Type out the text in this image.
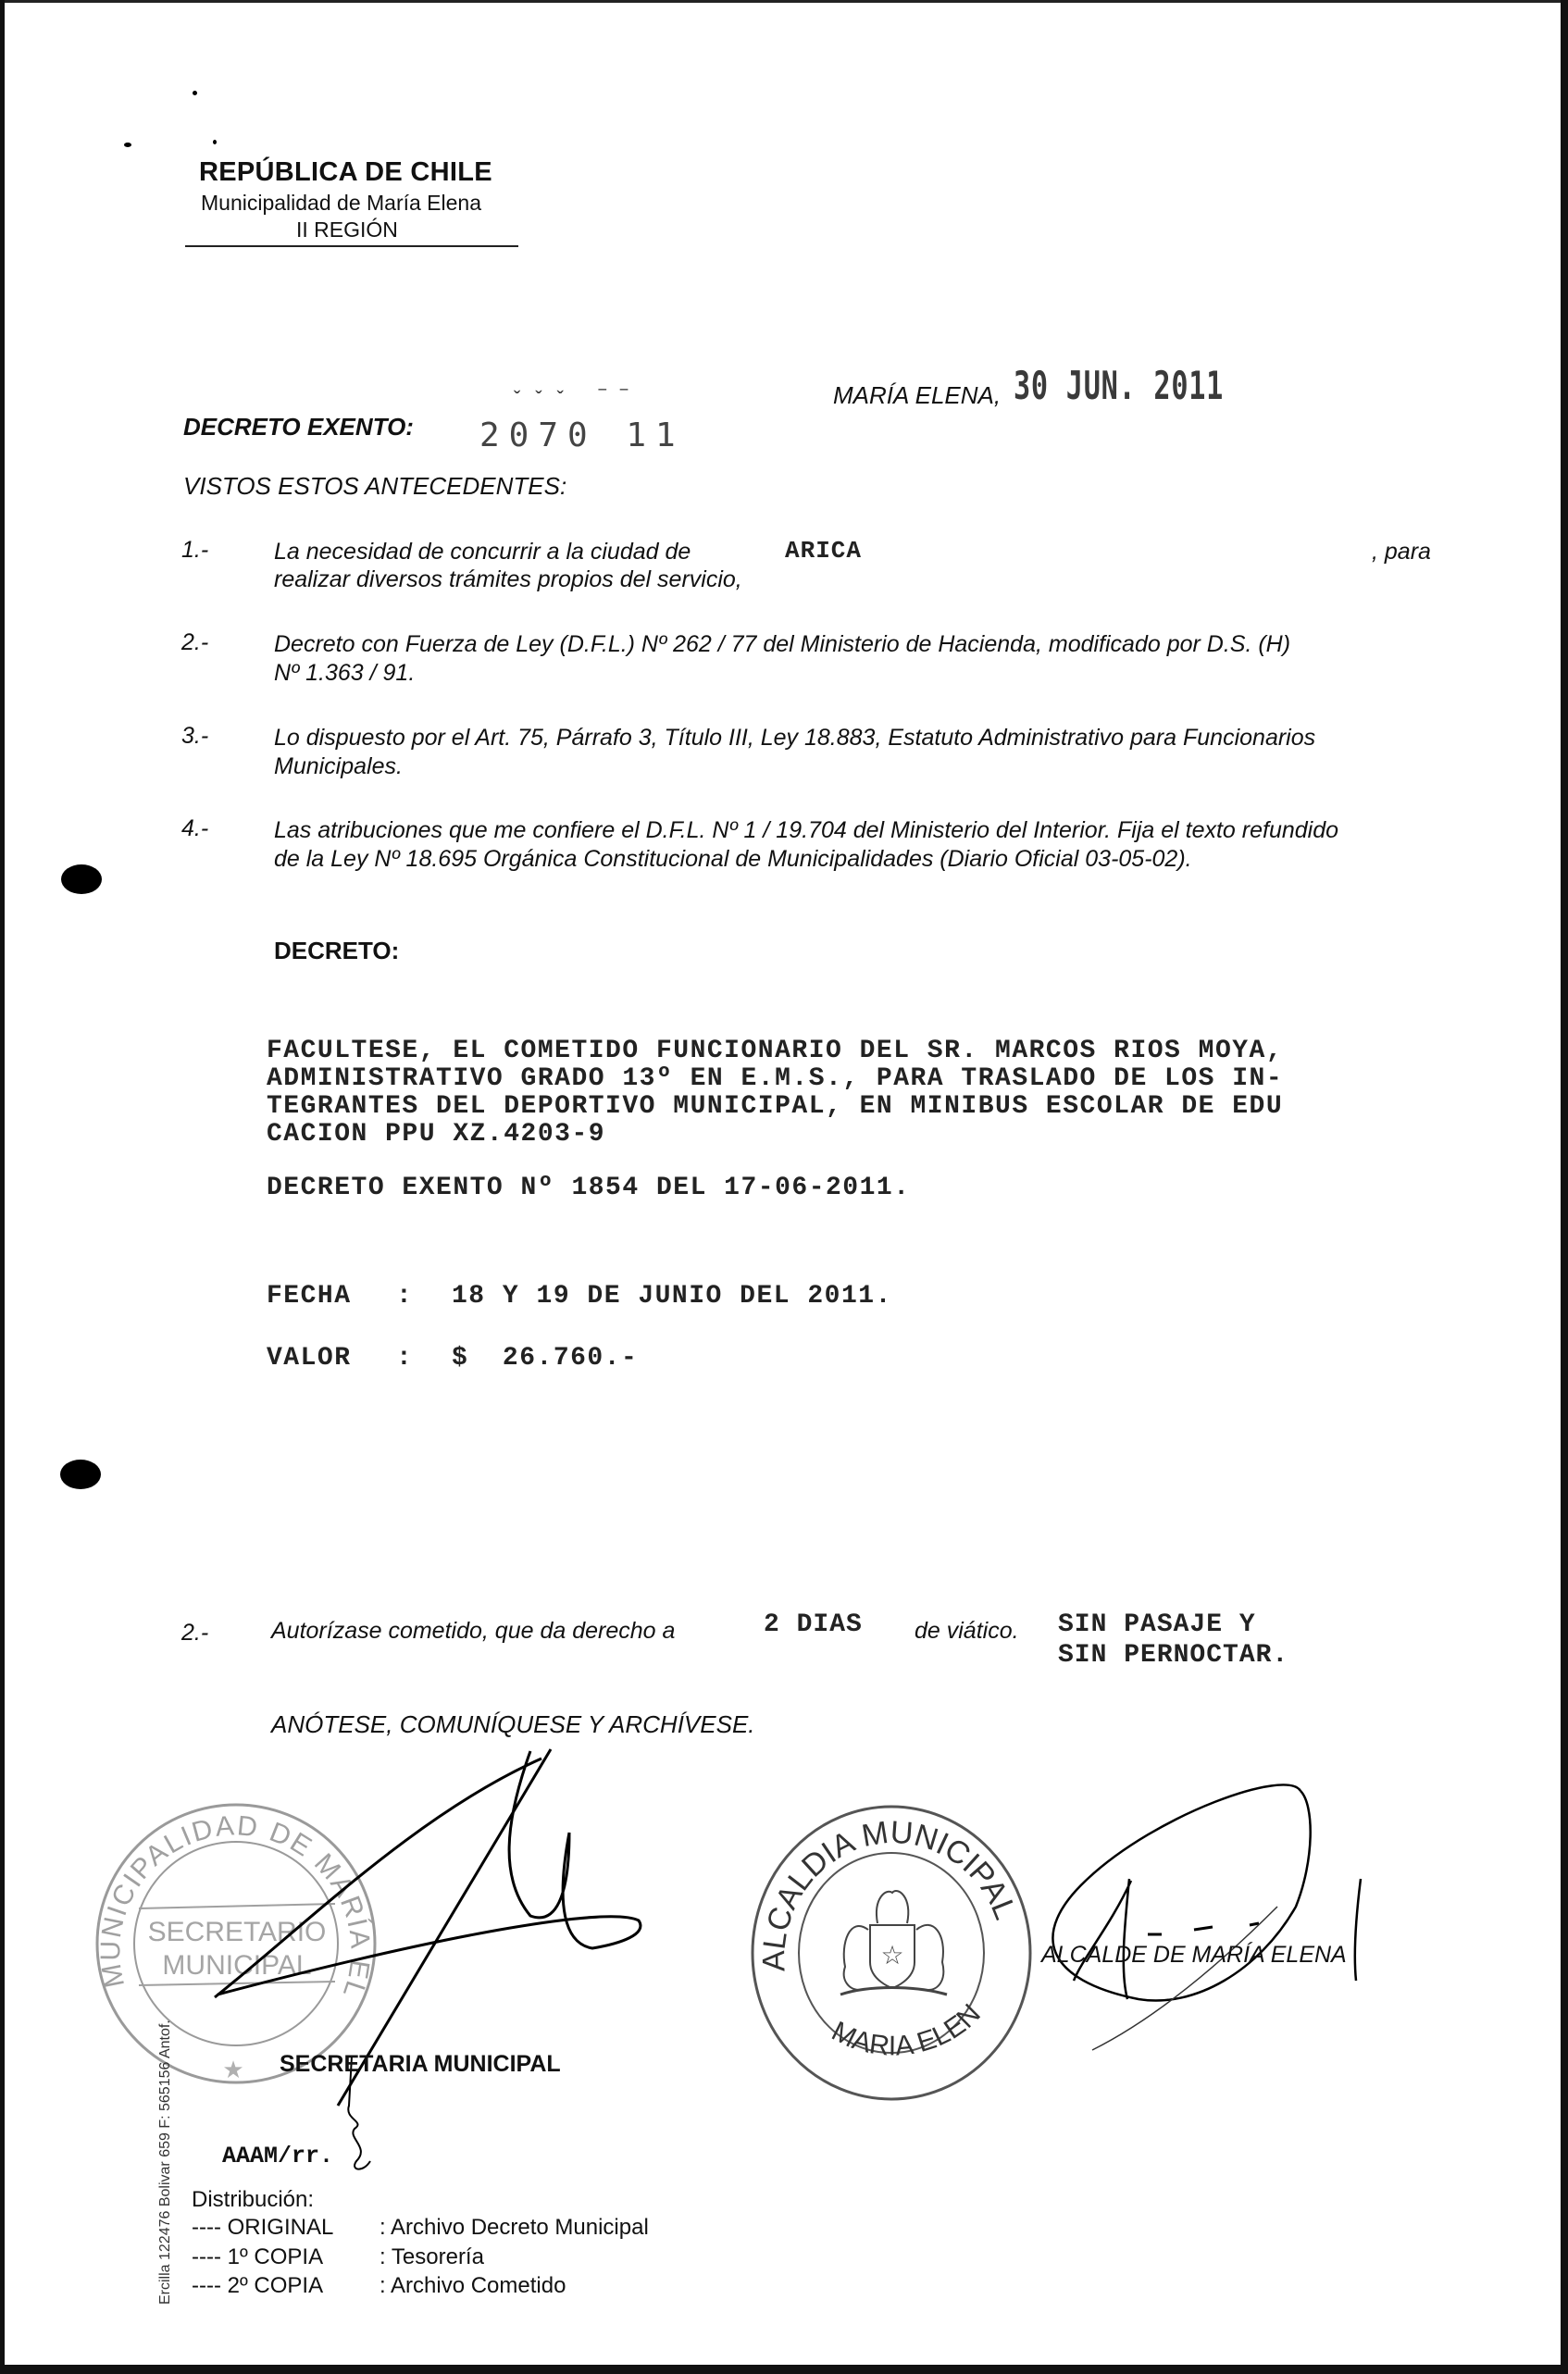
REPÚBLICA DE CHILE
Municipalidad de María Elena
II REGIÓN
DECRETO EXENTO:
ˇˇˇ ‾‾
2070 11
MARÍA ELENA, 30 JUN. 2011
VISTOS ESTOS ANTECEDENTES:
1.-	La necesidad de concurrir a la ciudad de	ARICA	, para
realizar diversos trámites propios del servicio,
2.-	Decreto con Fuerza de Ley (D.F.L.) Nº 262 / 77 del Ministerio de Hacienda, modificado por D.S. (H)
Nº 1.363 / 91.
3.-	Lo dispuesto por el Art. 75, Párrafo 3, Título III, Ley 18.883, Estatuto Administrativo para Funcionarios
Municipales.
4.-	Las atribuciones que me confiere el D.F.L. Nº 1 / 19.704 del Ministerio del Interior. Fija el texto refundido
de la Ley Nº 18.695 Orgánica Constitucional de Municipalidades (Diario Oficial 03-05-02).
DECRETO:
FACULTESE, EL COMETIDO FUNCIONARIO DEL SR. MARCOS RIOS MOYA,
ADMINISTRATIVO GRADO 13º EN E.M.S., PARA TRASLADO DE LOS IN-
TEGRANTES DEL DEPORTIVO MUNICIPAL, EN MINIBUS ESCOLAR DE EDU
CACION PPU XZ.4203-9
DECRETO EXENTO Nº 1854 DEL 17-06-2011.
FECHA : 18 Y 19 DE JUNIO DEL 2011.
VALOR : $  26.760.-
2.-	Autorízase cometido, que da derecho a	2 DIAS de viático. SIN PASAJE Y
SIN PERNOCTAR.
ANÓTESE, COMUNÍQUESE Y ARCHÍVESE.
MUNICIPALIDAD DE MARÍA ELENA
SECRETARIO
MUNICIPAL
★
ALCALDIA MUNICIPAL
MARIA ELENA
☆	ALCALDE DE MARÍA ELENA
SECRETARIA MUNICIPAL
AAAM/rr.
Distribución:
---- ORIGINAL : Archivo Decreto Municipal
---- 1º COPIA	: Tesorería
---- 2º COPIA	: Archivo Cometido
Ercilla 122476 Bolivar 659 F: 565156 Antof.
